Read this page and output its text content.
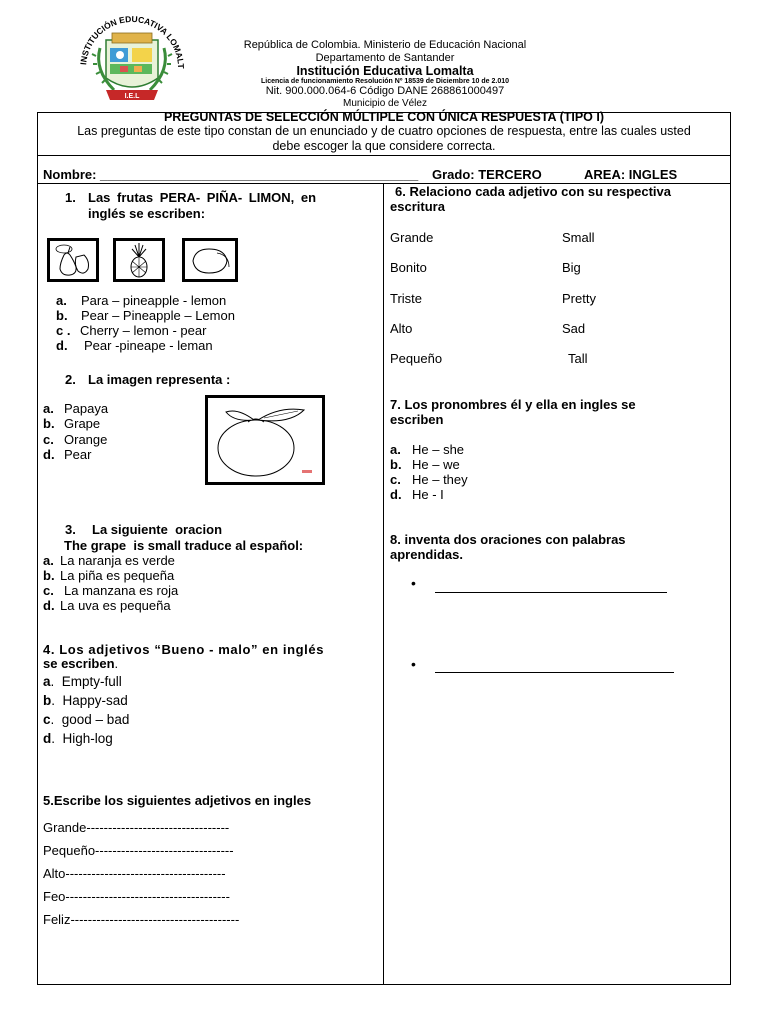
INSTITUCIÓN EDUCATIVA LOMALT
I.E.L
República de Colombia. Ministerio de Educación Nacional
Departamento de Santander
Institución Educativa Lomalta
Licencia de funcionamiento Resolución Nº 18539 de Diciembre 10 de 2.010
Nit. 900.000.064-6 Código DANE 268861000497
Municipio de Vélez
PREGUNTAS DE SELECCIÓN MÚLTIPLE CON ÚNICA RESPUESTA (TIPO I)
Las preguntas de este tipo constan de un enunciado y de cuatro opciones de respuesta, entre las cuales usted
debe escoger la que considere correcta.
Nombre: ____________________________________________ Grado: TERCERO	AREA: INGLES
1. Las frutas PERA- PIÑA- LIMON, en
inglés se escriben:
a. Para – pineapple - lemon
b. Pear – Pineapple – Lemon
c . Cherry – lemon - pear
d. Pear -pineape - leman
2. La imagen representa :
a. Papaya
b. Grape
c. Orange
d. Pear
3. La siguiente  oracion
The grape  is small traduce al español:
a. La naranja es verde
b. La piña es pequeña
c. La manzana es roja
d. La uva es pequeña
4. Los adjetivos “Bueno - malo” en inglés
se escriben.
a.  Empty-full
b.  Happy-sad
c.  good – bad
d.  High-log
5.Escribe los siguientes adjetivos en ingles
Grande---------------------------------
Pequeño--------------------------------
Alto-------------------------------------
Feo--------------------------------------
Feliz---------------------------------------
6. Relaciono cada adjetivo con su respectiva
escritura
Grande
Bonito
Triste
Alto
Pequeño
Small
Big
Pretty
Sad
Tall
7. Los pronombres él y ella en ingles se
escriben
a. He – she
b. He – we
c. He – they
d. He - I
8. inventa dos oraciones con palabras
aprendidas.
•
•
